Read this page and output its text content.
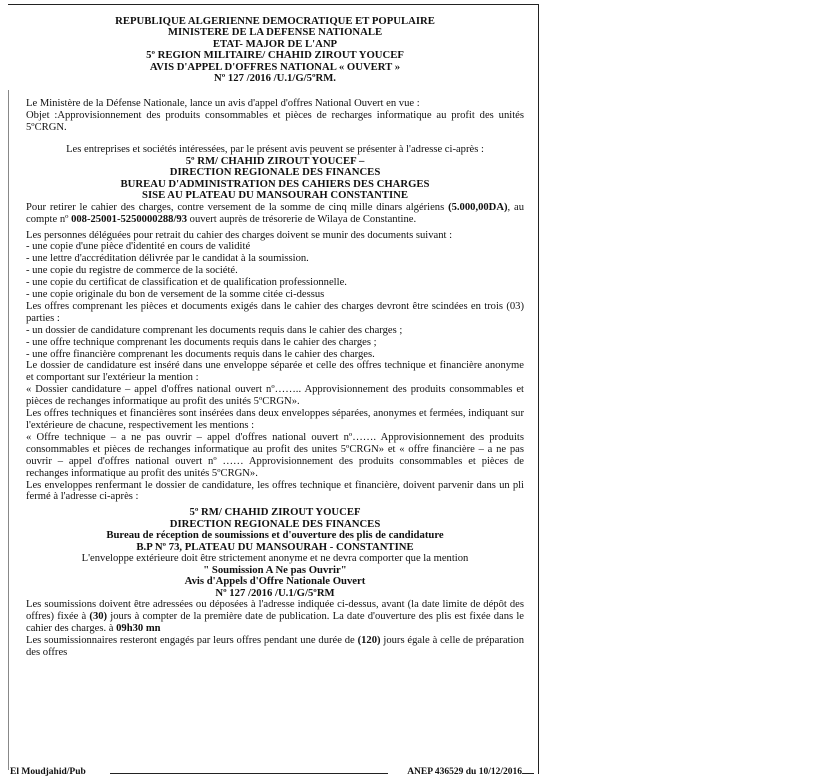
REPUBLIQUE ALGERIENNE DEMOCRATIQUE ET POPULAIRE
MINISTERE DE LA DEFENSE NATIONALE
ETAT- MAJOR DE L'ANP
5º REGION MILITAIRE/ CHAHID ZIROUT YOUCEF
AVIS D'APPEL D'OFFRES NATIONAL « OUVERT »
Nº 127 /2016 /U.1/G/5ºRM.

Le Ministère de la Défense Nationale, lance un avis d'appel d'offres National Ouvert en vue :

Objet :Approvisionnement des produits consommables et pièces de recharges informatique au profit des unités 5ºCRGN.

Les entreprises et sociétés intéressées, par le présent avis peuvent se présenter à l'adresse ci-après :

5º RM/ CHAHID ZIROUT YOUCEF –
DIRECTION REGIONALE DES FINANCES
BUREAU D'ADMINISTRATION DES CAHIERS DES CHARGES
SISE AU PLATEAU DU MANSOURAH CONSTANTINE

Pour retirer le cahier des charges, contre versement de la somme de cinq mille dinars algériens (5.000,00DA), au compte nº 008-25001-5250000288/93 ouvert auprès de trésorerie de Wilaya de Constantine.

Les personnes déléguées pour retrait du cahier des charges doivent se munir des documents suivant :

- une copie d'une pièce d'identité en cours de validité
- une lettre d'accréditation délivrée par le candidat à la soumission.
- une copie du registre de commerce de la société.
- une copie du certificat de classification et de qualification professionnelle.
- une copie originale du bon de versement de la somme citée ci-dessus

Les offres comprenant les pièces et documents exigés dans le cahier des charges devront être scindées en trois (03) parties :

- un dossier de candidature comprenant les documents requis dans le cahier des charges ;
- une offre technique comprenant les documents requis dans le cahier des charges ;
- une offre financière comprenant les documents requis dans le cahier des charges.

Le dossier de candidature est inséré dans une enveloppe séparée et celle des offres technique et financière anonyme et comportant sur l'extérieur la mention :

« Dossier candidature – appel d'offres national ouvert nº…….. Approvisionnement des produits consommables et pièces de rechanges informatique au profit des unités 5ºCRGN».

Les offres techniques et financières sont insérées dans deux enveloppes séparées, anonymes et fermées, indiquant sur l'extérieure de chacune, respectivement les mentions :

« Offre technique – a ne pas ouvrir – appel d'offres national ouvert nº……. Approvisionnement des produits consommables et pièces de rechanges informatique au profit des unites 5ºCRGN» et « offre financière – a ne pas ouvrir – appel d'offres national ouvert nº …… Approvisionnement des produits consommables et pièces de rechanges informatique au profit des unités 5ºCRGN».

Les enveloppes renfermant le dossier de candidature, les offres technique et financière, doivent parvenir dans un pli fermé à l'adresse ci-après :

5º RM/ CHAHID ZIROUT YOUCEF
DIRECTION REGIONALE DES FINANCES
Bureau de réception de soumissions et d'ouverture des plis de candidature
B.P Nº 73, PLATEAU DU MANSOURAH - CONSTANTINE

L'enveloppe extérieure doit être strictement anonyme et ne devra comporter que la mention

" Soumission A Ne pas Ouvrir"
Avis d'Appels d'Offre Nationale Ouvert
Nº 127 /2016 /U.1/G/5ºRM

Les soumissions doivent être adressées ou déposées à l'adresse indiquée ci-dessus, avant (la date limite de dépôt des offres) fixée à (30) jours à compter de la première date de publication. La date d'ouverture des plis est fixée dans le cahier des charges. à 09h30 mn

Les soumissionnaires resteront engagés par leurs offres pendant une durée de (120) jours égale à celle de préparation des offres

El Moudjahid/Pub	ANEP 436529 du 10/12/2016
